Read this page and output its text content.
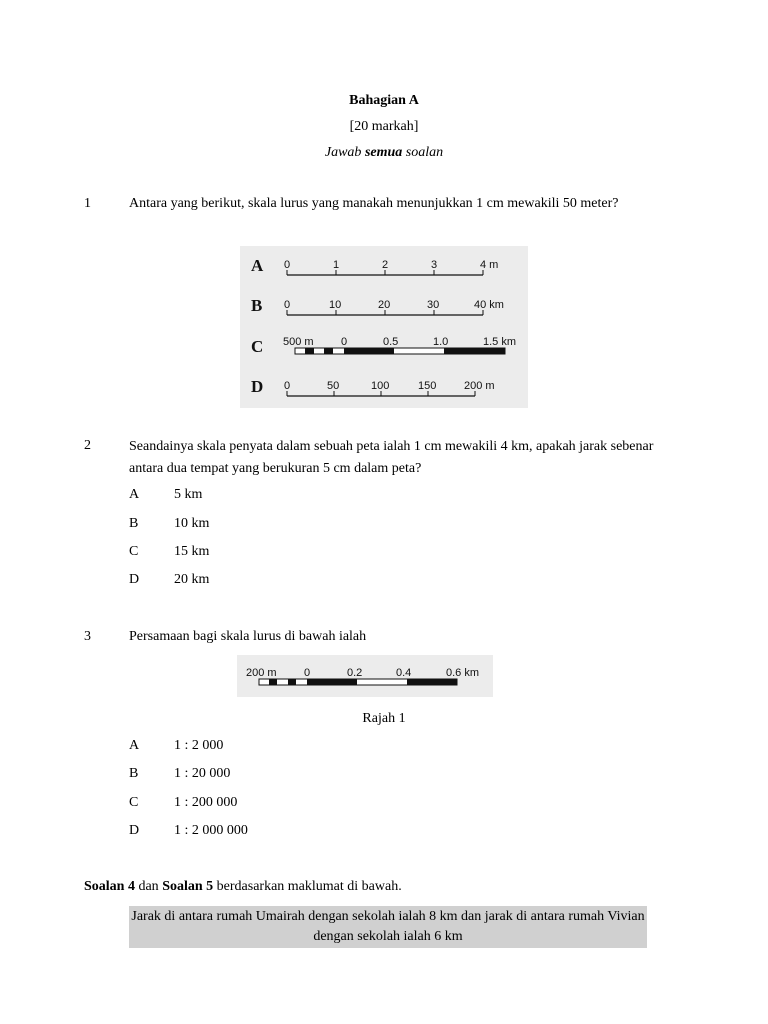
Bahagian A
[20 markah]
Jawab semua soalan
1	Antara yang berikut, skala lurus yang manakah menunjukkan 1 cm mewakili 50 meter?
A 0	1	2	3	4 m
B 0	10	20	30	40 km
C 500 m 0	0.5	1.0	1.5 km
D 0	50	100	150	200 m
2	Seandainya skala penyata dalam sebuah peta ialah 1 cm mewakili 4 km, apakah jarak sebenar antara dua tempat yang berukuran 5 cm dalam peta?
A 5 km
B	10 km
C	15 km
D 20 km
3	Persamaan bagi skala lurus di bawah ialah
200 m 0	0.2	0.4	0.6 km
Rajah 1
A 1 : 2 000
B	1 : 20 000
C	1 : 200 000
D 1 : 2 000 000
Soalan 4 dan Soalan 5 berdasarkan maklumat di bawah.
Jarak di antara rumah Umairah dengan sekolah ialah 8 km dan jarak di antara rumah Vivian dengan sekolah ialah 6 km
